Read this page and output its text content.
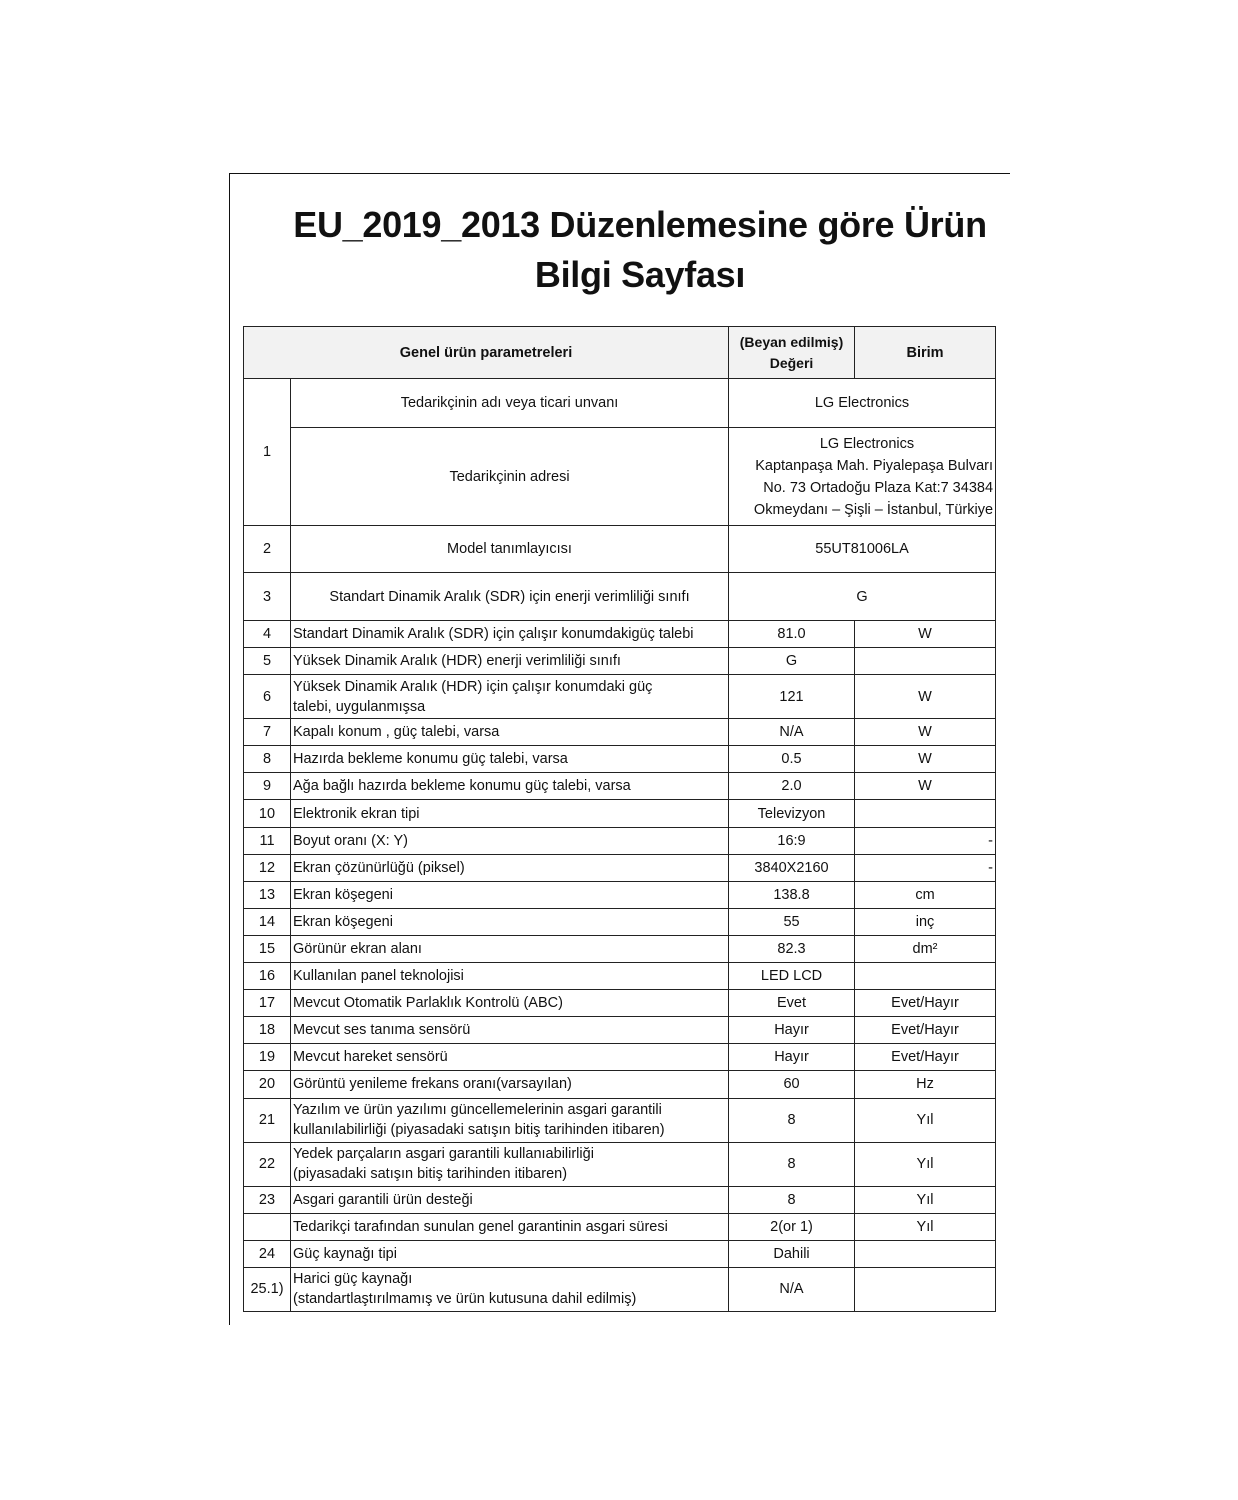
EU_2019_2013 Düzenlemesine göre Ürün
Bilgi Sayfası
Genel ürün parametreleri		(Beyan edilmiş)
Değeri	Birim
1	Tedarikçinin adı veya ticari unvanı	LG Electronics	
	Tedarikçinin adresi	LG Electronics
Kaptanpaşa Mah. Piyalepaşa Bulvarı
No. 73 Ortadoğu Plaza Kat:7 34384
Okmeydanı – Şişli – İstanbul, Türkiye	

2	Model tanımlayıcısı	55UT81006LA	
3	Standart Dinamik Aralık (SDR) için enerji verimliliği sınıfı	G	
4	Standart Dinamik Aralık (SDR) için çalışır konumdakigüç talebi	81.0	W
5	Yüksek Dinamik Aralık (HDR) enerji verimliliği sınıfı	G	
6	Yüksek Dinamik Aralık (HDR) için çalışır konumdaki güç
talebi, uygulanmışsa	121	W
7	Kapalı konum , güç talebi, varsa	N/A	W
8	Hazırda bekleme konumu güç talebi, varsa	0.5	W
9	Ağa bağlı hazırda bekleme konumu güç talebi, varsa	2.0	W
10	Elektronik ekran tipi	Televizyon	
11	Boyut oranı (X: Y)	16:9	-
12	Ekran çözünürlüğü (piksel)	3840X2160	-
13	Ekran köşegeni	138.8	cm
14	Ekran köşegeni	55	inç
15	Görünür ekran alanı	82.3	dm²
16	Kullanılan panel teknolojisi	LED LCD	
17	Mevcut Otomatik Parlaklık Kontrolü (ABC)	Evet	Evet/Hayır
18	Mevcut ses tanıma sensörü	Hayır	Evet/Hayır
19	Mevcut hareket sensörü	Hayır	Evet/Hayır
20	Görüntü yenileme frekans oranı(varsayılan)	60	Hz
21	Yazılım ve ürün yazılımı güncellemelerinin asgari garantili
kullanılabilirliği (piyasadaki satışın bitiş tarihinden itibaren)	8	Yıl
22	Yedek parçaların asgari garantili kullanıabilirliği
(piyasadaki satışın bitiş tarihinden itibaren)	8	Yıl
23	Asgari garantili ürün desteği	8	Yıl
	Tedarikçi tarafından sunulan genel garantinin asgari süresi	2(or 1)	Yıl
24	Güç kaynağı tipi	Dahili	
25.1)	Harici güç kaynağı
(standartlaştırılmamış ve ürün kutusuna dahil edilmiş)	N/A	
